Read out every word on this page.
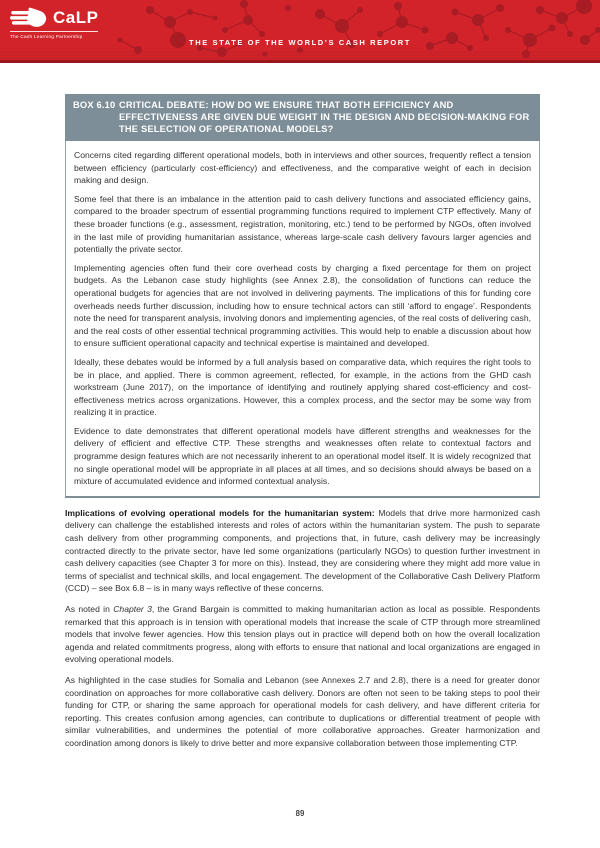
CaLP
The Cash Learning Partnership
THE STATE OF THE WORLD’S CASH REPORT
BOX 6.10 CRITICAL DEBATE: HOW DO WE ENSURE THAT BOTH EFFICIENCY AND EFFECTIVENESS ARE GIVEN DUE WEIGHT IN THE DESIGN AND DECISION-MAKING FOR THE SELECTION OF OPERATIONAL MODELS?

Concerns cited regarding different operational models, both in interviews and other sources, frequently reflect a tension between efficiency (particularly cost-efficiency) and effectiveness, and the comparative weight of each in decision making and design.

Some feel that there is an imbalance in the attention paid to cash delivery functions and associated efficiency gains, compared to the broader spectrum of essential programming functions required to implement CTP effectively. Many of these broader functions (e.g., assessment, registration, monitoring, etc.) tend to be performed by NGOs, often involved in the last mile of providing humanitarian assistance, whereas large-scale cash delivery favours larger agencies and potentially the private sector.

Implementing agencies often fund their core overhead costs by charging a fixed percentage for them on project budgets. As the Lebanon case study highlights (see Annex 2.8), the consolidation of functions can reduce the operational budgets for agencies that are not involved in delivering payments. The implications of this for funding core overheads needs further discussion, including how to ensure technical actors can still ‘afford to engage’. Respondents note the need for transparent analysis, involving donors and implementing agencies, of the real costs of delivering cash, and the real costs of other essential technical programming activities. This would help to enable a discussion about how to ensure sufficient operational capacity and technical expertise is maintained and developed.

Ideally, these debates would be informed by a full analysis based on comparative data, which requires the right tools to be in place, and applied. There is common agreement, reflected, for example, in the actions from the GHD cash workstream (June 2017), on the importance of identifying and routinely applying shared cost-efficiency and cost-effectiveness metrics across organizations. However, this a complex process, and the sector may be some way from realizing it in practice.

Evidence to date demonstrates that different operational models have different strengths and weaknesses for the delivery of efficient and effective CTP. These strengths and weaknesses often relate to contextual factors and programme design features which are not necessarily inherent to an operational model itself. It is widely recognized that no single operational model will be appropriate in all places at all times, and so decisions should always be based on a mixture of accumulated evidence and informed contextual analysis.

Implications of evolving operational models for the humanitarian system: Models that drive more harmonized cash delivery can challenge the established interests and roles of actors within the humanitarian system. The push to separate cash delivery from other programming components, and projections that, in future, cash delivery may be increasingly contracted directly to the private sector, have led some organizations (particularly NGOs) to question further investment in cash delivery capacities (see Chapter 3 for more on this). Instead, they are considering where they might add more value in terms of specialist and technical skills, and local engagement. The development of the Collaborative Cash Delivery Platform (CCD) – see Box 6.8 – is in many ways reflective of these concerns.

As noted in Chapter 3, the Grand Bargain is committed to making humanitarian action as local as possible. Respondents remarked that this approach is in tension with operational models that increase the scale of CTP through more streamlined models that involve fewer agencies. How this tension plays out in practice will depend both on how the overall localization agenda and related commitments progress, along with efforts to ensure that national and local organizations are engaged in evolving operational models.

As highlighted in the case studies for Somalia and Lebanon (see Annexes 2.7 and 2.8), there is a need for greater donor coordination on approaches for more collaborative cash delivery. Donors are often not seen to be taking steps to pool their funding for CTP, or sharing the same approach for operational models for cash delivery, and have different criteria for reporting. This creates confusion among agencies, can contribute to duplications or differential treatment of people with similar vulnerabilities, and undermines the potential of more collaborative approaches. Greater harmonization and coordination among donors is likely to drive better and more expansive collaboration between those implementing CTP.

89
